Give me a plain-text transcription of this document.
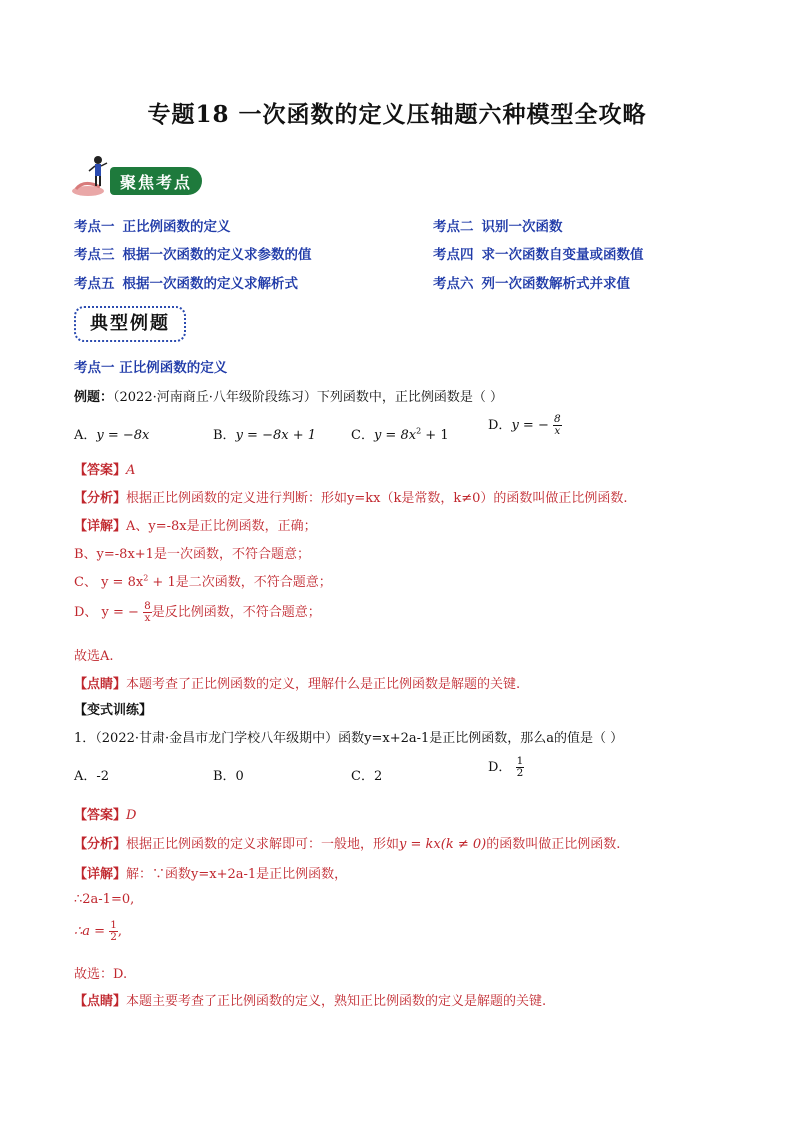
专题18 一次函数的定义压轴题六种模型全攻略
聚焦考点
考点一 正比例函数的定义	考点二 识别一次函数
考点三 根据一次函数的定义求参数的值	考点四 求一次函数自变量或函数值
考点五 根据一次函数的定义求解析式	考点六 列一次函数解析式并求值
典型例题
考点一 正比例函数的定义
例题：（2022·河南商丘·八年级阶段练习）下列函数中，正比例函数是（ ）
A．y = −8x	B．y = −8x + 1	C．$y = 8x^2 + 1$
D．y = − $\frac{8}{x}$
【答案】A
【分析】根据正比例函数的定义进行判断：形如y=kx（k是常数，k≠0）的函数叫做正比例函数.
【详解】A、y=-8x是正比例函数，正确；
B、y=-8x+1是一次函数，不符合题意；
C、 $y = 8x^2 + 1$是二次函数，不符合题意；
D、 y = − $\frac{8}{x}$ 是反比例函数，不符合题意；
故选A.
【点睛】本题考查了正比例函数的定义，理解什么是正比例函数是解题的关键.
【变式训练】
1．（2022·甘肃·金昌市龙门学校八年级期中）函数y=x+2a-1是正比例函数，那么a的值是（ ）
A．-2	B．0	C．2
D． $\frac{1}{2}$
【答案】D
【分析】根据正比例函数的定义求解即可：一般地，形如y = kx(k ≠ 0)的函数叫做正比例函数.
【详解】解：∵函数y=x+2a-1是正比例函数，
∴2a-1=0,
∴a = $\frac{1}{2}$ ,
故选：D.
【点睛】本题主要考查了正比例函数的定义，熟知正比例函数的定义是解题的关键.
